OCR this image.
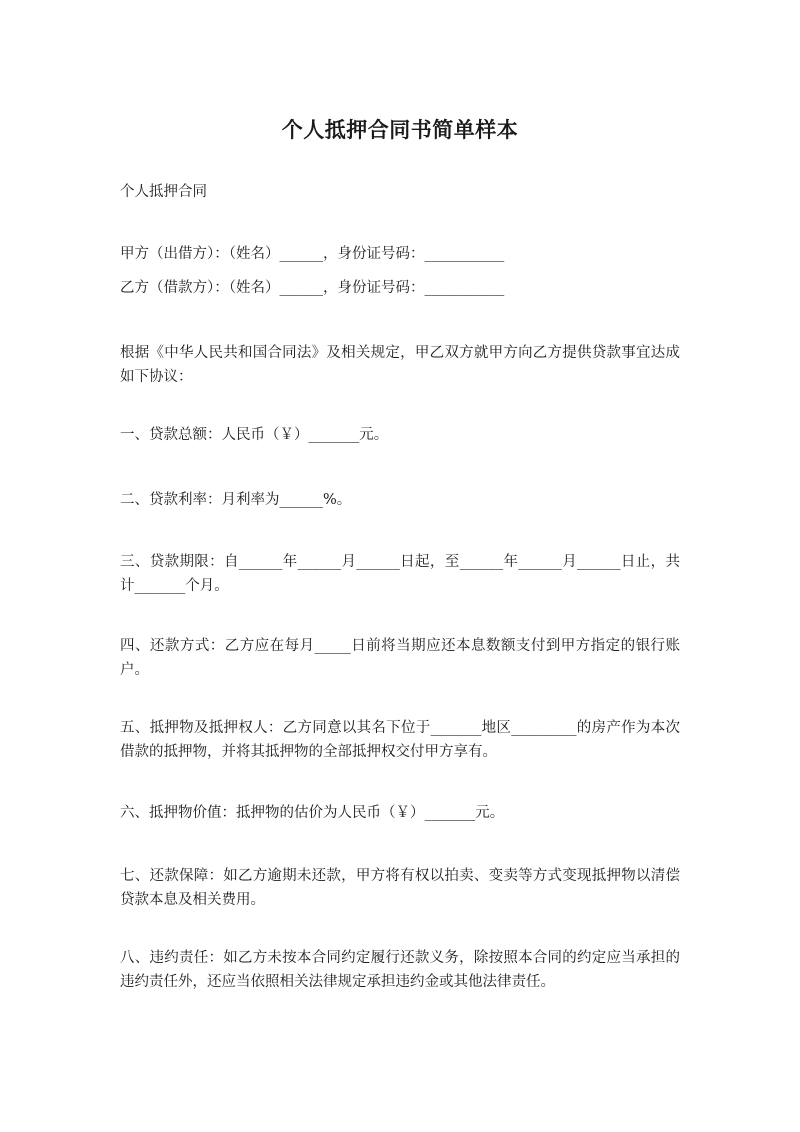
个人抵押合同书简单样本
个人抵押合同
甲方（出借方）：（姓名）______，身份证号码：___________
乙方（借款方）：（姓名）______，身份证号码：___________
根据《中华人民共和国合同法》及相关规定，甲乙双方就甲方向乙方提供贷款事宜达成如下协议：
一、贷款总额：人民币（￥）_______元。
二、贷款利率：月利率为______%。
三、贷款期限：自______年______月______日起，至______年______月______日止，共计_______个月。
四、还款方式：乙方应在每月_____日前将当期应还本息数额支付到甲方指定的银行账户。
五、抵押物及抵押权人：乙方同意以其名下位于_______地区_________的房产作为本次借款的抵押物，并将其抵押物的全部抵押权交付甲方享有。
六、抵押物价值：抵押物的估价为人民币（￥）_______元。
七、还款保障：如乙方逾期未还款，甲方将有权以拍卖、变卖等方式变现抵押物以清偿贷款本息及相关费用。
八、违约责任：如乙方未按本合同约定履行还款义务，除按照本合同的约定应当承担的违约责任外，还应当依照相关法律规定承担违约金或其他法律责任。
